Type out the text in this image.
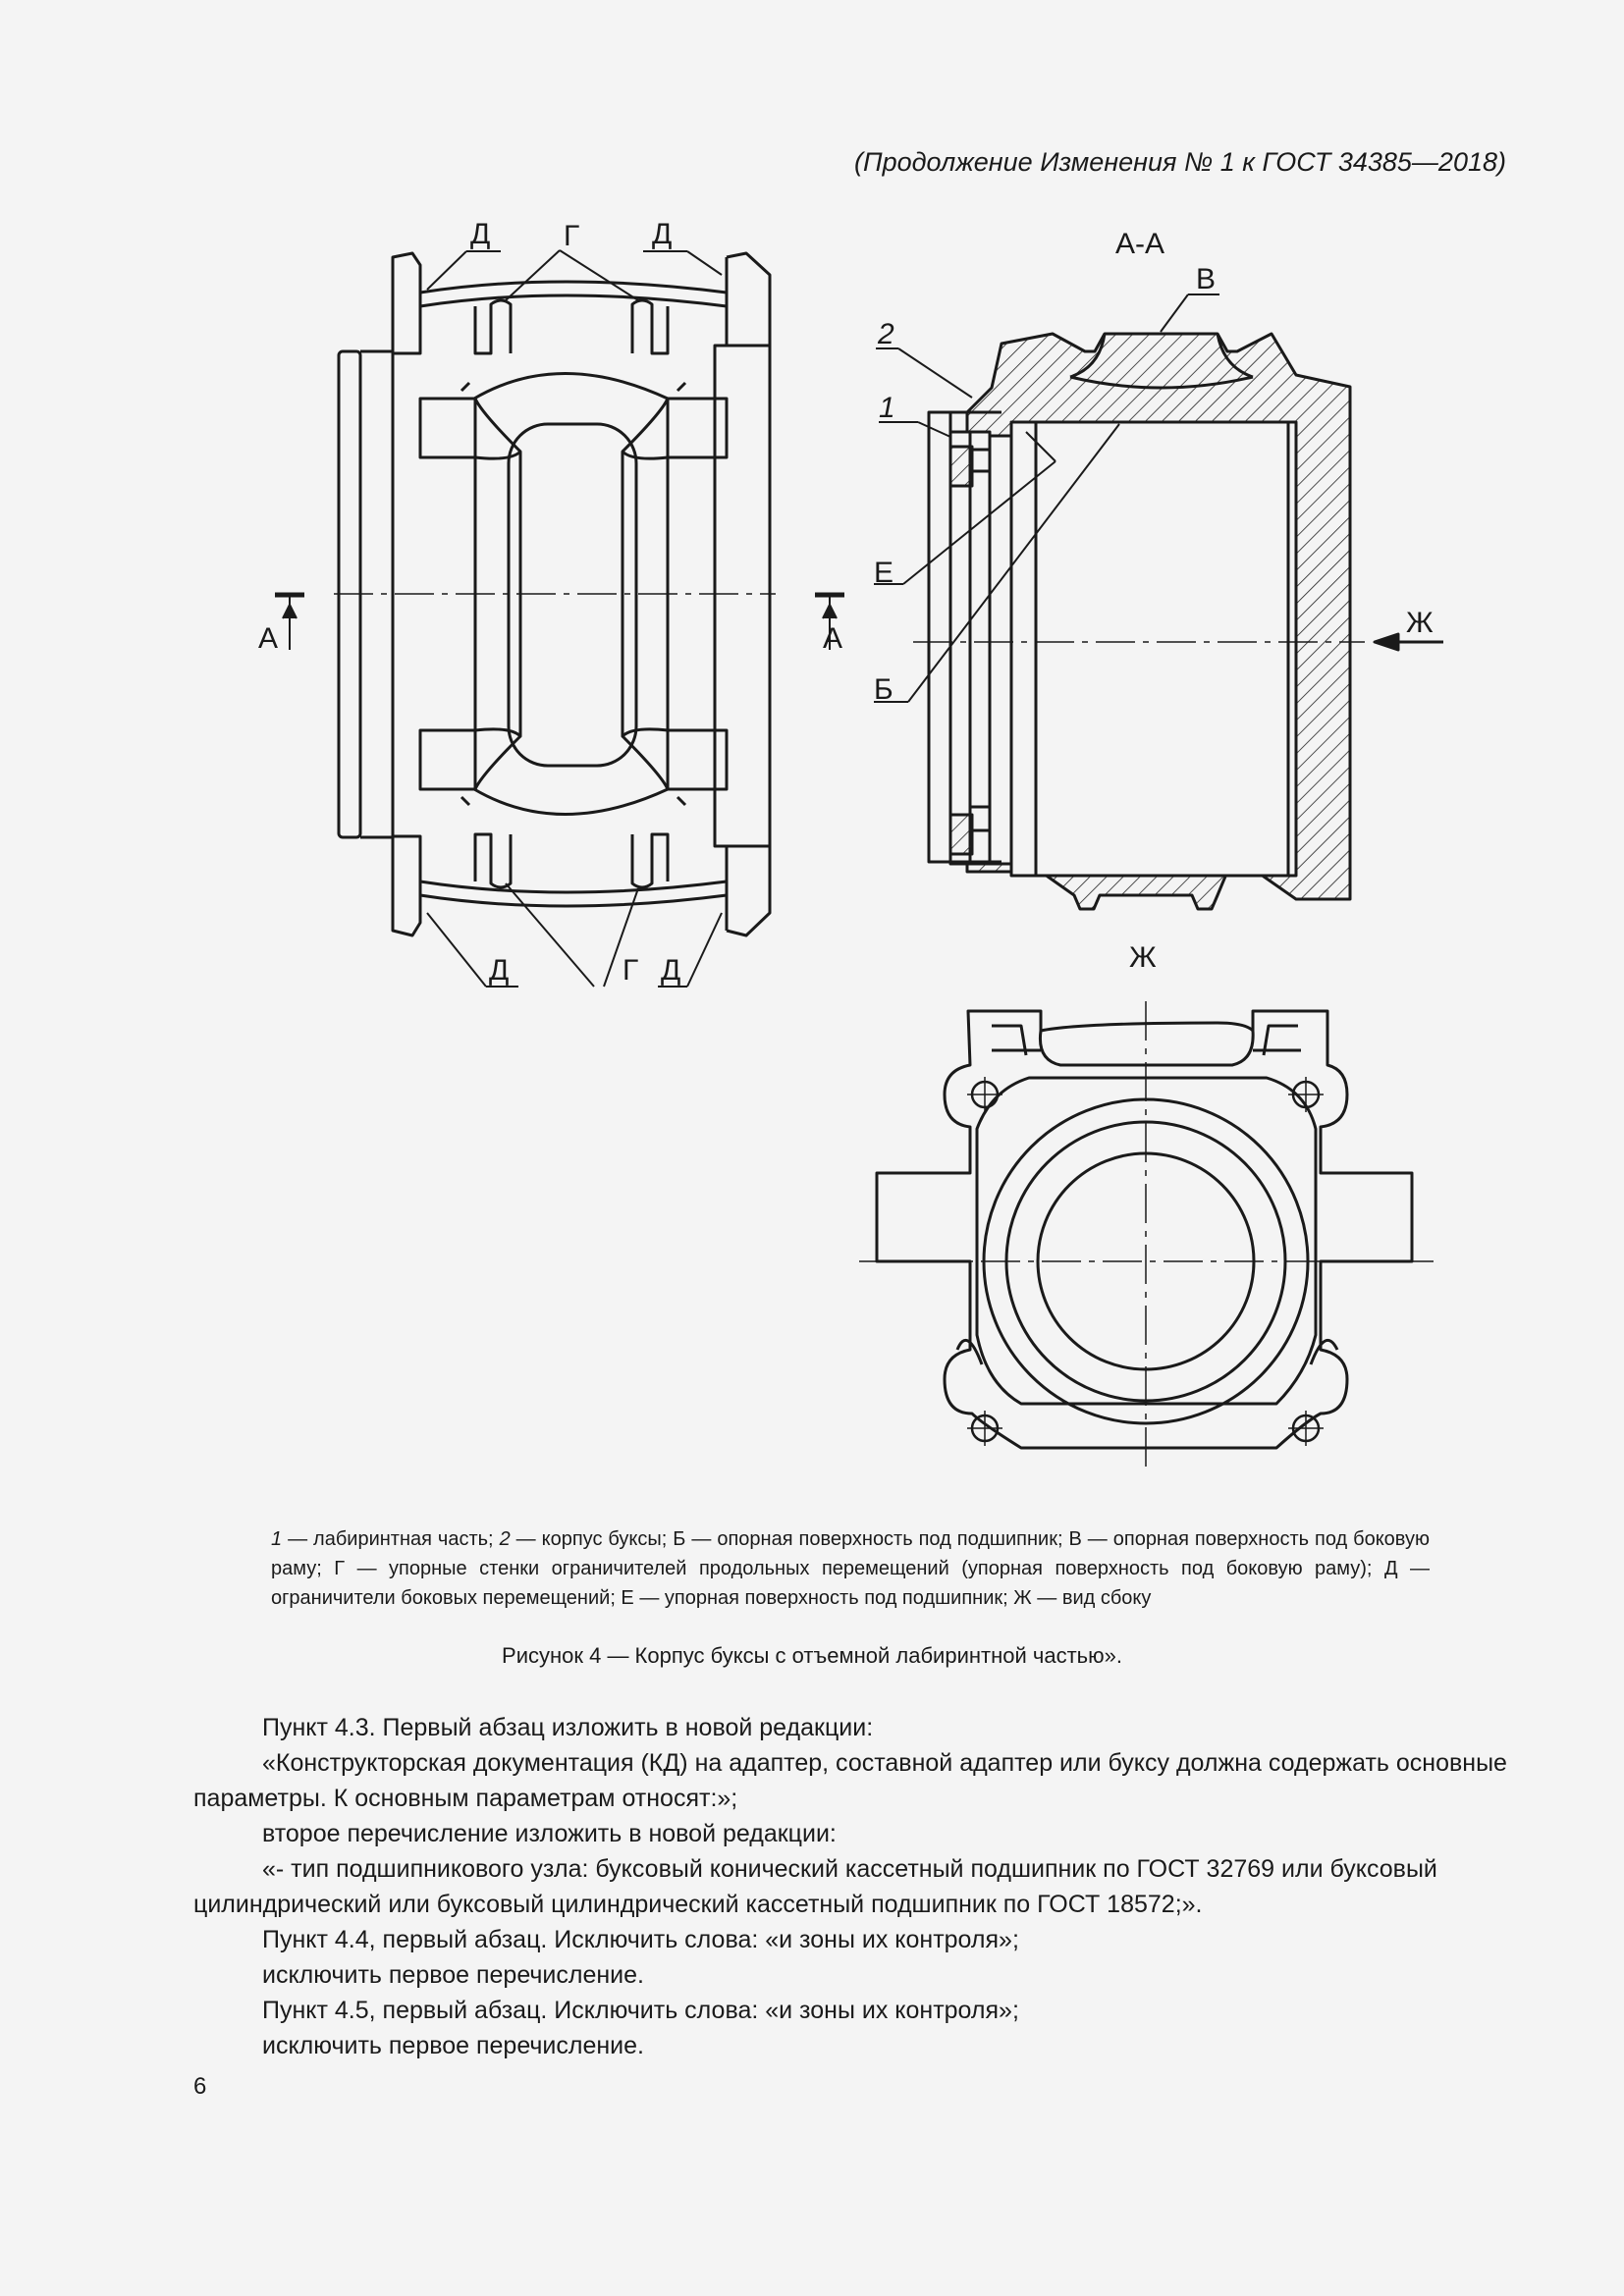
(Продолжение Изменения № 1 к ГОСТ 34385—2018)
Д Г Д
А	А
Д	Г Д
А-А
В
2
1
Е
Б
Ж
Ж
1 — лабиринтная часть; 2 — корпус буксы; Б — опорная поверхность под подшипник; В — опорная поверхность под боковую раму; Г — упорные стенки ограничителей продольных перемещений (упорная поверхность под боковую раму); Д — ограничители боковых перемещений; Е — упорная поверхность под подшипник; Ж — вид сбоку
Рисунок 4 — Корпус буксы с отъемной лабиринтной частью».

Пункт 4.3. Первый абзац изложить в новой редакции:

«Конструкторская документация (КД) на адаптер, составной адаптер или буксу должна содержать основные параметры. К основным параметрам относят:»;

второе перечисление изложить в новой редакции:

«- тип подшипникового узла: буксовый конический кассетный подшипник по ГОСТ 32769 или буксовый цилиндрический или буксовый цилиндрический кассетный подшипник по ГОСТ 18572;».

Пункт 4.4, первый абзац. Исключить слова: «и зоны их контроля»;

исключить первое перечисление.

Пункт 4.5, первый абзац. Исключить слова: «и зоны их контроля»;

исключить первое перечисление.

6
